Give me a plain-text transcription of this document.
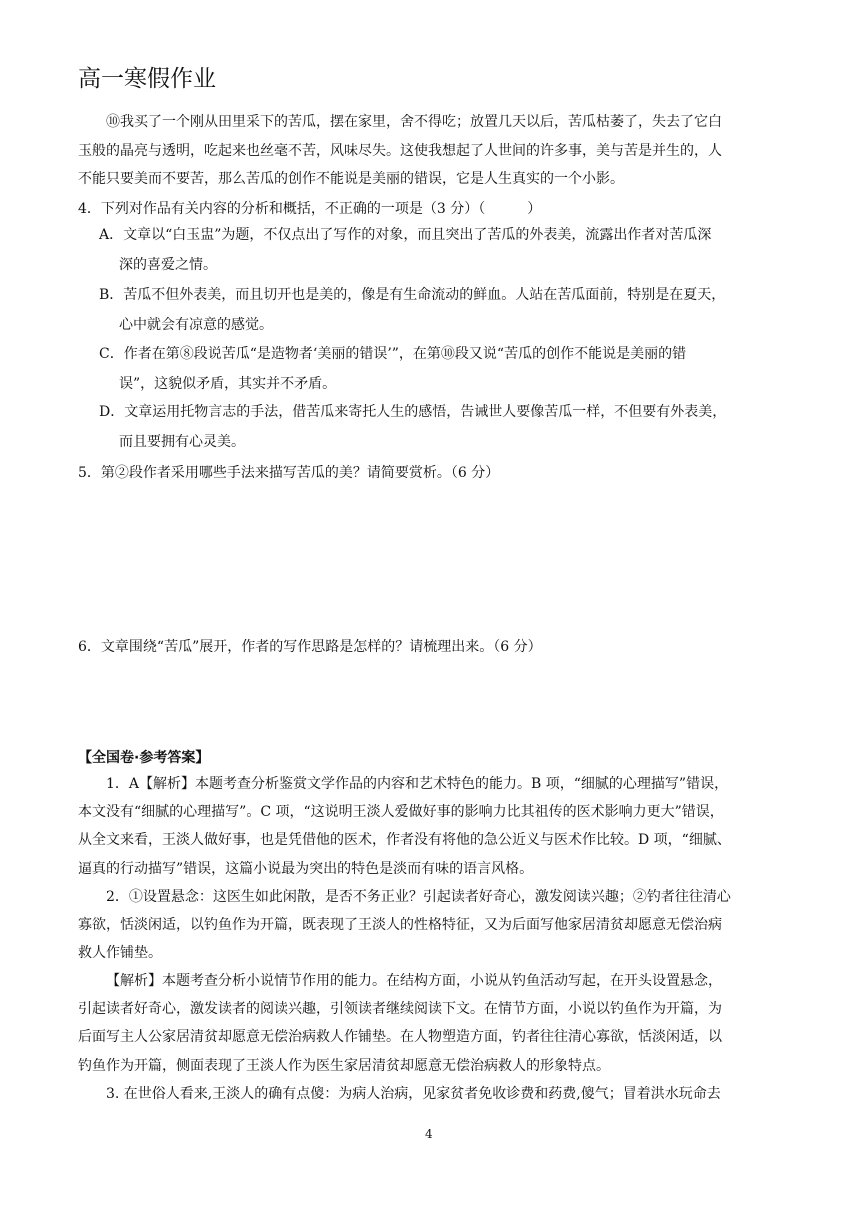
高一寒假作业
⑩我买了一个刚从田里采下的苦瓜，摆在家里，舍不得吃；放置几天以后，苦瓜枯萎了，失去了它白
玉般的晶亮与透明，吃起来也丝毫不苦，风味尽失。这使我想起了人世间的许多事，美与苦是并生的，人
不能只要美而不要苦，那么苦瓜的创作不能说是美丽的错误，它是人生真实的一个小影。
4．下列对作品有关内容的分析和概括，不正确的一项是（3 分）（　　　）
A．文章以“白玉盅”为题，不仅点出了写作的对象，而且突出了苦瓜的外表美，流露出作者对苦瓜深
深的喜爱之情。
B．苦瓜不但外表美，而且切开也是美的，像是有生命流动的鲜血。人站在苦瓜面前，特别是在夏天，
心中就会有凉意的感觉。
C．作者在第⑧段说苦瓜“是造物者‘美丽的错误’”，在第⑩段又说“苦瓜的创作不能说是美丽的错
误”，这貌似矛盾，其实并不矛盾。
D．文章运用托物言志的手法，借苦瓜来寄托人生的感悟，告诫世人要像苦瓜一样，不但要有外表美，
而且要拥有心灵美。
5．第②段作者采用哪些手法来描写苦瓜的美？请简要赏析。（6 分）
6．文章围绕“苦瓜”展开，作者的写作思路是怎样的？请梳理出来。（6 分）
【全国卷·参考答案】
1．A【解析】本题考查分析鉴赏文学作品的内容和艺术特色的能力。B 项，“细腻的心理描写”错误，
本文没有“细腻的心理描写”。C 项，“这说明王淡人爱做好事的影响力比其祖传的医术影响力更大”错误，
从全文来看，王淡人做好事，也是凭借他的医术，作者没有将他的急公近义与医术作比较。D 项，“细腻、
逼真的行动描写”错误，这篇小说最为突出的特色是淡而有味的语言风格。
2．①设置悬念：这医生如此闲散，是否不务正业？引起读者好奇心，激发阅读兴趣；②钓者往往清心
寡欲，恬淡闲适，以钓鱼作为开篇，既表现了王淡人的性格特征，又为后面写他家居清贫却愿意无偿治病
救人作铺垫。
【解析】本题考查分析小说情节作用的能力。在结构方面，小说从钓鱼活动写起，在开头设置悬念，
引起读者好奇心，激发读者的阅读兴趣，引领读者继续阅读下文。在情节方面，小说以钓鱼作为开篇，为
后面写主人公家居清贫却愿意无偿治病救人作铺垫。在人物塑造方面，钓者往往清心寡欲，恬淡闲适，以
钓鱼作为开篇，侧面表现了王淡人作为医生家居清贫却愿意无偿治病救人的形象特点。
3. 在世俗人看来,王淡人的确有点傻：为病人治病，见家贫者免收诊费和药费,傻气；冒着洪水玩命去
4
